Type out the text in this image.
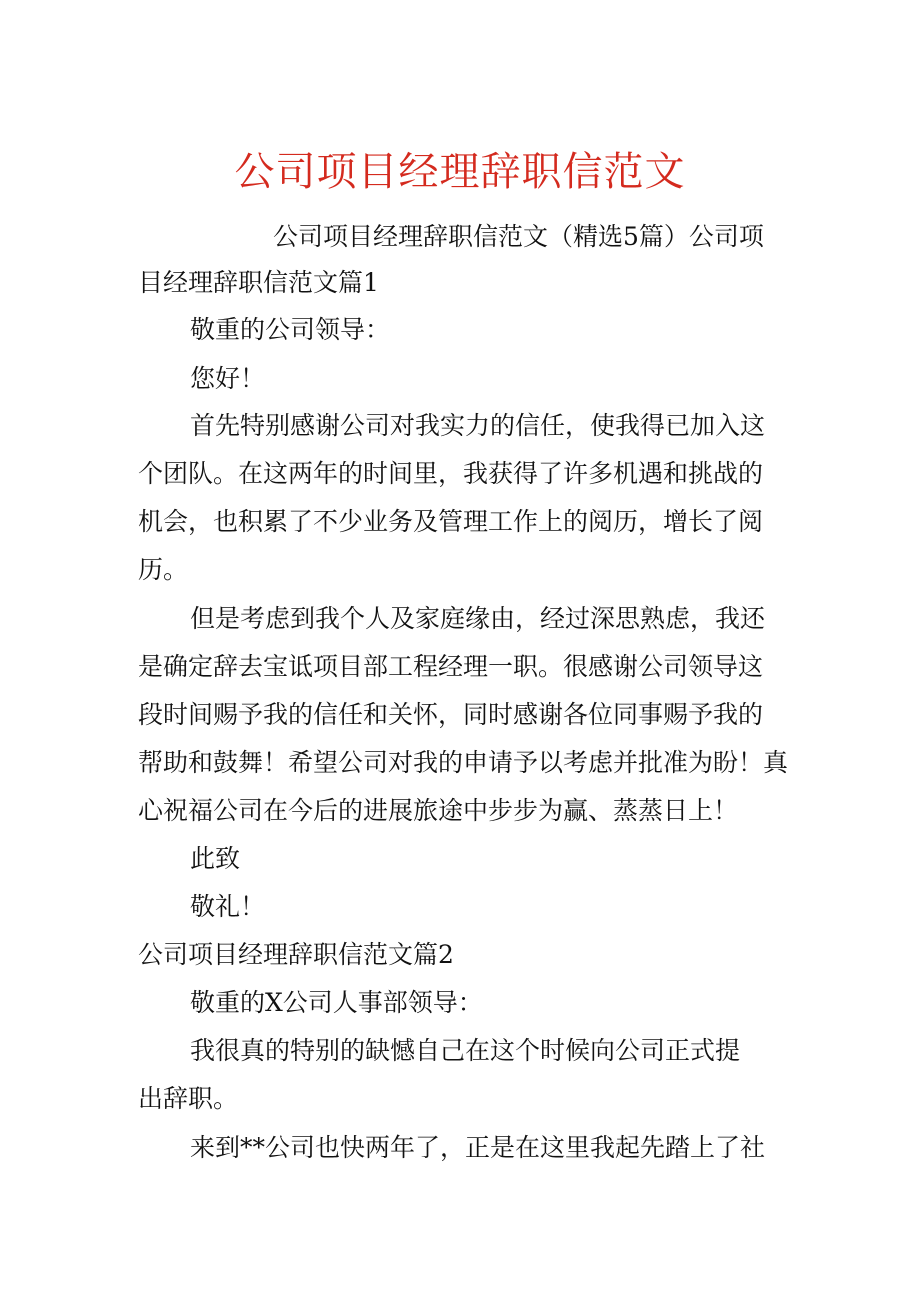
公司项目经理辞职信范文
公司项目经理辞职信范文（精选5篇）公司项
目经理辞职信范文篇1
敬重的公司领导：
您好！
首先特别感谢公司对我实力的信任，使我得已加入这
个团队。在这两年的时间里，我获得了许多机遇和挑战的
机会，也积累了不少业务及管理工作上的阅历，增长了阅
历。
但是考虑到我个人及家庭缘由，经过深思熟虑，我还
是确定辞去宝诋项目部工程经理一职。很感谢公司领导这
段时间赐予我的信任和关怀，同时感谢各位同事赐予我的
帮助和鼓舞！希望公司对我的申请予以考虑并批准为盼！真
心祝福公司在今后的进展旅途中步步为赢、蒸蒸日上！
此致
敬礼！
公司项目经理辞职信范文篇2
敬重的X公司人事部领导：
我很真的特别的缺憾自己在这个时候向公司正式提
出辞职。
来到**公司也快两年了，正是在这里我起先踏上了社
